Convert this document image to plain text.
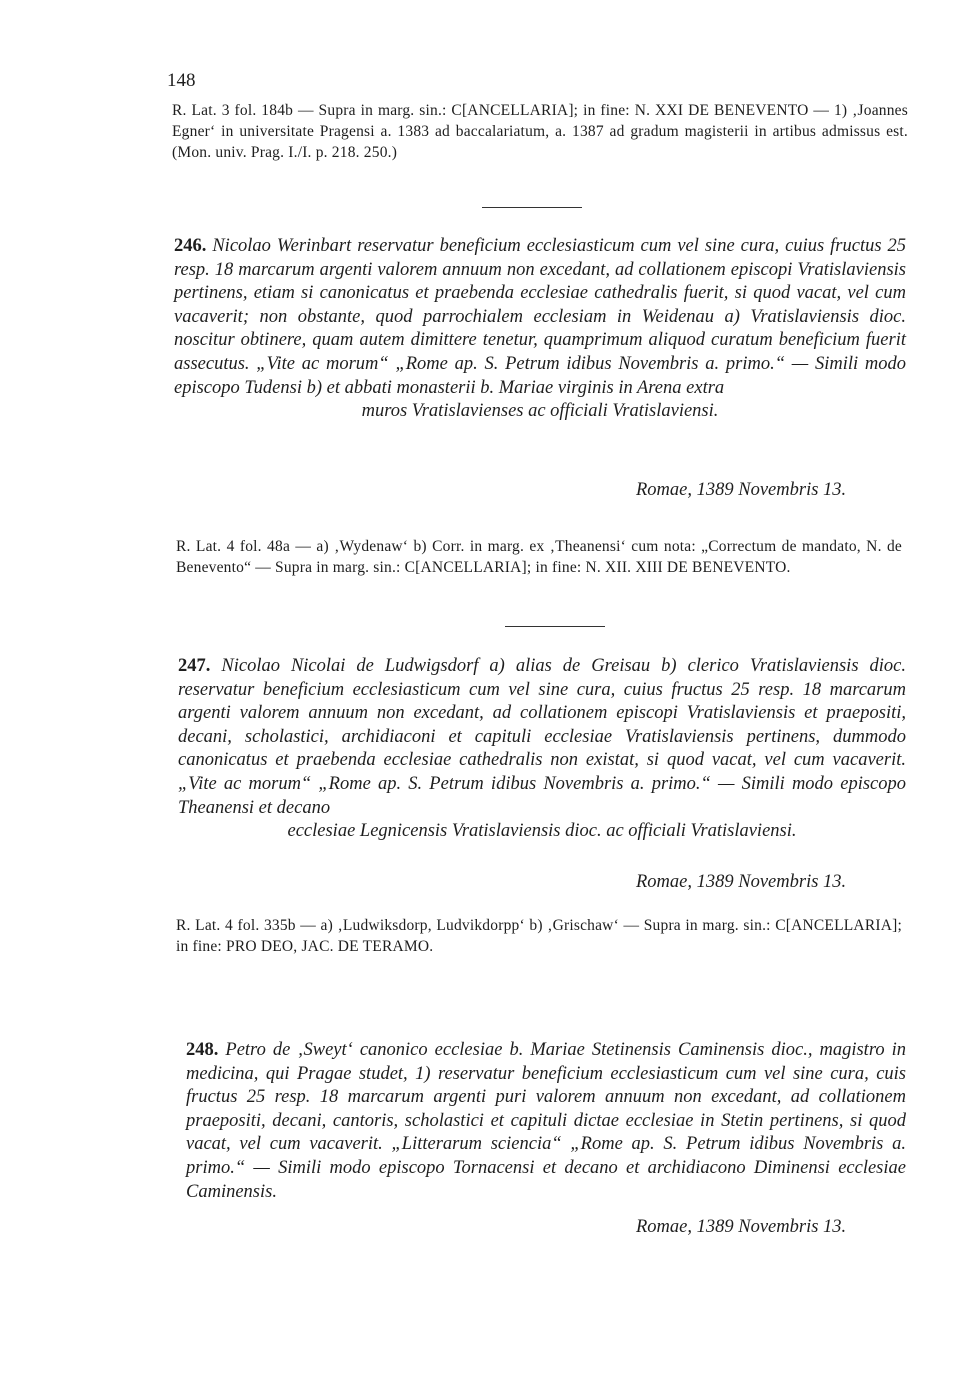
148
R. Lat. 3 fol. 184b — Supra in marg. sin.: C[ANCELLARIA]; in fine: N. XXI DE BENEVENTO — 1) ‚Joannes Egner‘ in universitate Pragensi a. 1383 ad baccalariatum, a. 1387 ad gradum magisterii in artibus admissus est. (Mon. univ. Prag. I./I. p. 218. 250.)
246. Nicolao Werinbart reservatur beneficium ecclesiasticum cum vel sine cura, cuius fructus 25 resp. 18 marcarum argenti valorem annuum non excedant, ad collationem episcopi Vratislaviensis pertinens, etiam si canonicatus et praebenda ecclesiae cathedralis fuerit, si quod vacat, vel cum vacaverit; non obstante, quod parrochialem ecclesiam in Weidenau a) Vratislaviensis dioc. noscitur obtinere, quam autem dimittere tenetur, quamprimum aliquod curatum beneficium fuerit assecutus. „Vite ac morum“ „Rome ap. S. Petrum idibus Novembris a. primo.“ — Simili modo episcopo Tudensi b) et abbati monasterii b. Mariae virginis in Arena extra
muros Vratislavienses ac officiali Vratislaviensi.
Romae, 1389 Novembris 13.
R. Lat. 4 fol. 48a — a) ‚Wydenaw‘ b) Corr. in marg. ex ‚Theanensi‘ cum nota: „Correctum de mandato, N. de Benevento“ — Supra in marg. sin.: C[ANCELLARIA]; in fine: N. XII. XIII DE BENEVENTO.
247. Nicolao Nicolai de Ludwigsdorf a) alias de Greisau b) clerico Vratislaviensis dioc. reservatur beneficium ecclesiasticum cum vel sine cura, cuius fructus 25 resp. 18 marcarum argenti valorem annuum non excedant, ad collationem episcopi Vratislaviensis et praepositi, decani, scholastici, archidiaconi et capituli ecclesiae Vratislaviensis pertinens, dummodo canonicatus et praebenda ecclesiae cathedralis non existat, si quod vacat, vel cum vacaverit. „Vite ac morum“ „Rome ap. S. Petrum idibus Novembris a. primo.“ — Simili modo episcopo Theanensi et decano
ecclesiae Legnicensis Vratislaviensis dioc. ac officiali Vratislaviensi.
Romae, 1389 Novembris 13.
R. Lat. 4 fol. 335b — a) ‚Ludwiksdorp, Ludvikdorpp‘ b) ‚Grischaw‘ — Supra in marg. sin.: C[ANCELLARIA]; in fine: PRO DEO, JAC. DE TERAMO.
248. Petro de ‚Sweyt‘ canonico ecclesiae b. Mariae Stetinensis Caminensis dioc., magistro in medicina, qui Pragae studet, 1) reservatur beneficium ecclesiasticum cum vel sine cura, cuis fructus 25 resp. 18 marcarum argenti puri valorem annuum non excedant, ad collationem praepositi, decani, cantoris, scholastici et capituli dictae ecclesiae in Stetin pertinens, si quod vacat, vel cum vacaverit. „Litterarum sciencia“ „Rome ap. S. Petrum idibus Novembris a. primo.“ — Simili modo episcopo Tornacensi et decano et archidiacono Diminensi ecclesiae Caminensis.
Romae, 1389 Novembris 13.
